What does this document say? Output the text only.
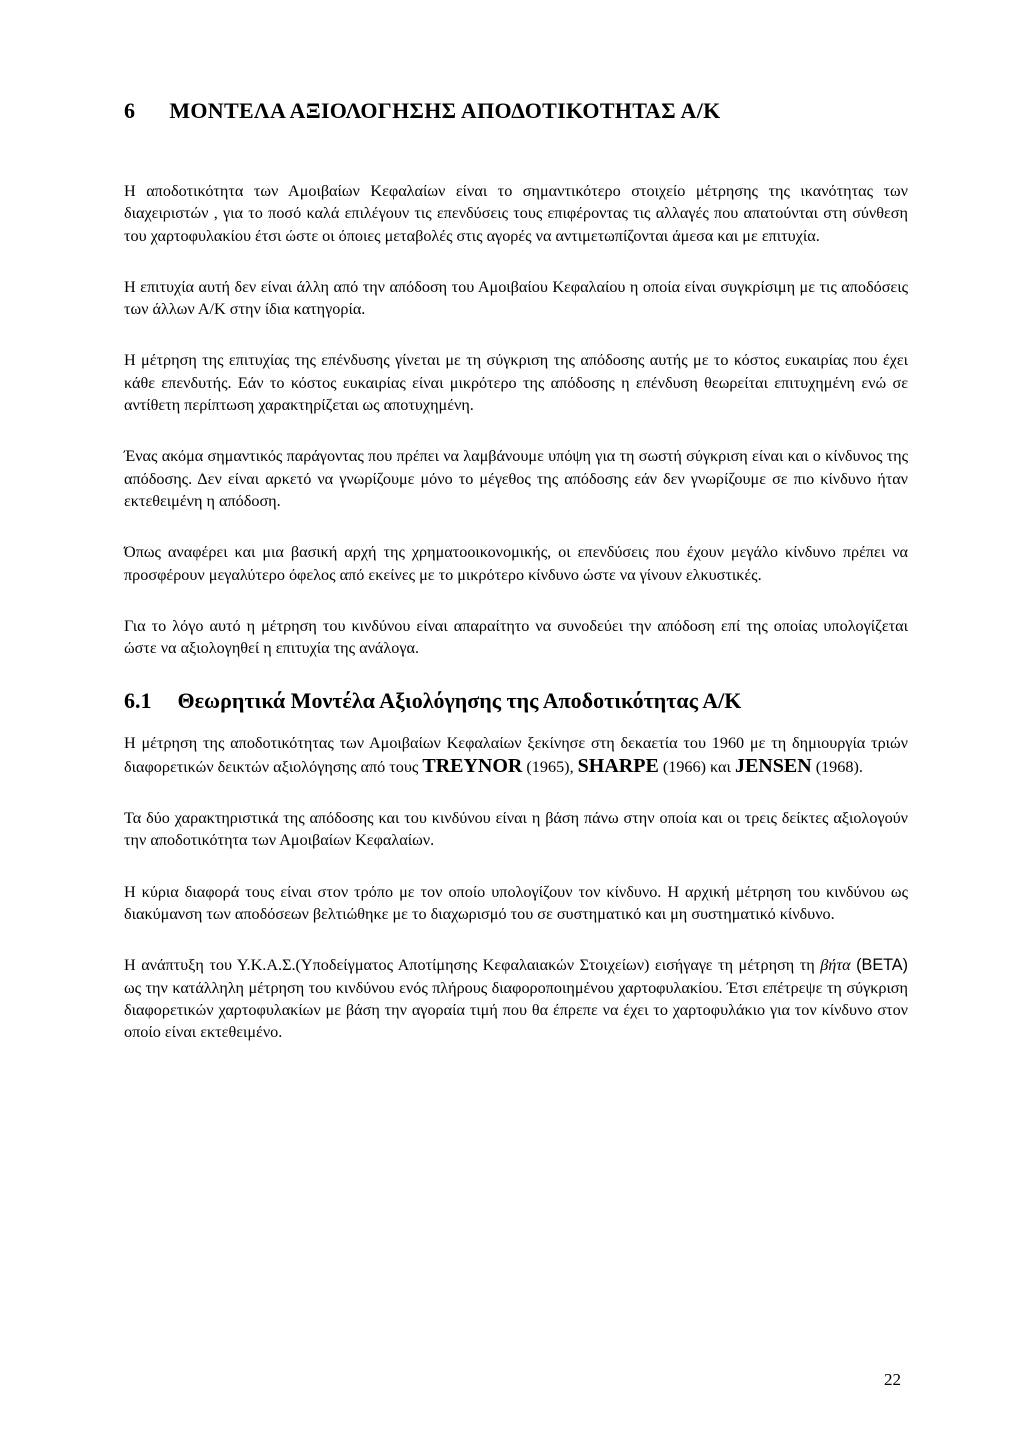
6 ΜΟΝΤΕΛΑ ΑΞΙΟΛΟΓΗΣΗΣ ΑΠΟΔΟΤΙΚΟΤΗΤΑΣ Α/Κ

Η αποδοτικότητα των Αμοιβαίων Κεφαλαίων είναι το σημαντικότερο στοιχείο μέτρησης της ικανότητας των διαχειριστών , για το ποσό καλά επιλέγουν τις επενδύσεις τους επιφέροντας τις αλλαγές που απατούνται στη σύνθεση του χαρτοφυλακίου έτσι ώστε οι όποιες μεταβολές στις αγορές να αντιμετωπίζονται άμεσα και με επιτυχία.

Η επιτυχία αυτή δεν είναι άλλη από την απόδοση του Αμοιβαίου Κεφαλαίου η οποία είναι συγκρίσιμη με τις αποδόσεις των άλλων Α/Κ στην ίδια κατηγορία.

Η μέτρηση της επιτυχίας της επένδυσης γίνεται με τη σύγκριση της απόδοσης αυτής με το κόστος ευκαιρίας που έχει κάθε επενδυτής. Εάν το κόστος ευκαιρίας είναι μικρότερο της απόδοσης η επένδυση θεωρείται επιτυχημένη ενώ σε αντίθετη περίπτωση χαρακτηρίζεται ως αποτυχημένη.

Ένας ακόμα σημαντικός παράγοντας που πρέπει να λαμβάνουμε υπόψη για τη σωστή σύγκριση είναι και ο κίνδυνος της απόδοσης. Δεν είναι αρκετό να γνωρίζουμε μόνο το μέγεθος της απόδοσης εάν δεν γνωρίζουμε σε πιο κίνδυνο ήταν εκτεθειμένη η απόδοση.

Όπως αναφέρει και μια βασική αρχή της χρηματοοικονομικής, οι επενδύσεις που έχουν μεγάλο κίνδυνο πρέπει να προσφέρουν μεγαλύτερο όφελος από εκείνες με το μικρότερο κίνδυνο ώστε να γίνουν ελκυστικές.

Για το λόγο αυτό η μέτρηση του κινδύνου είναι απαραίτητο να συνοδεύει την απόδοση επί της οποίας υπολογίζεται ώστε να αξιολογηθεί η επιτυχία της ανάλογα.

6.1 Θεωρητικά Μοντέλα Αξιολόγησης της Αποδοτικότητας Α/Κ

Η μέτρηση της αποδοτικότητας των Αμοιβαίων Κεφαλαίων ξεκίνησε στη δεκαετία του 1960 με τη δημιουργία τριών διαφορετικών δεικτών αξιολόγησης από τους TREYNOR (1965), SHARPE (1966) και JENSEN (1968).

Τα δύο χαρακτηριστικά της απόδοσης και του κινδύνου είναι η βάση πάνω στην οποία και οι τρεις δείκτες αξιολογούν την αποδοτικότητα των Αμοιβαίων Κεφαλαίων.

Η κύρια διαφορά τους είναι στον τρόπο με τον οποίο υπολογίζουν τον κίνδυνο. Η αρχική μέτρηση του κινδύνου ως διακύμανση των αποδόσεων βελτιώθηκε με το διαχωρισμό του σε συστηματικό και μη συστηματικό κίνδυνο.

Η ανάπτυξη του Υ.Κ.Α.Σ.(Υποδείγματος Αποτίμησης Κεφαλαιακών Στοιχείων) εισήγαγε τη μέτρηση τη βήτα (BETA) ως την κατάλληλη μέτρηση του κινδύνου ενός πλήρους διαφοροποιημένου χαρτοφυλακίου. Έτσι επέτρεψε τη σύγκριση διαφορετικών χαρτοφυλακίων με βάση την αγοραία τιμή που θα έπρεπε να έχει το χαρτοφυλάκιο για τον κίνδυνο στον οποίο είναι εκτεθειμένο.

22
